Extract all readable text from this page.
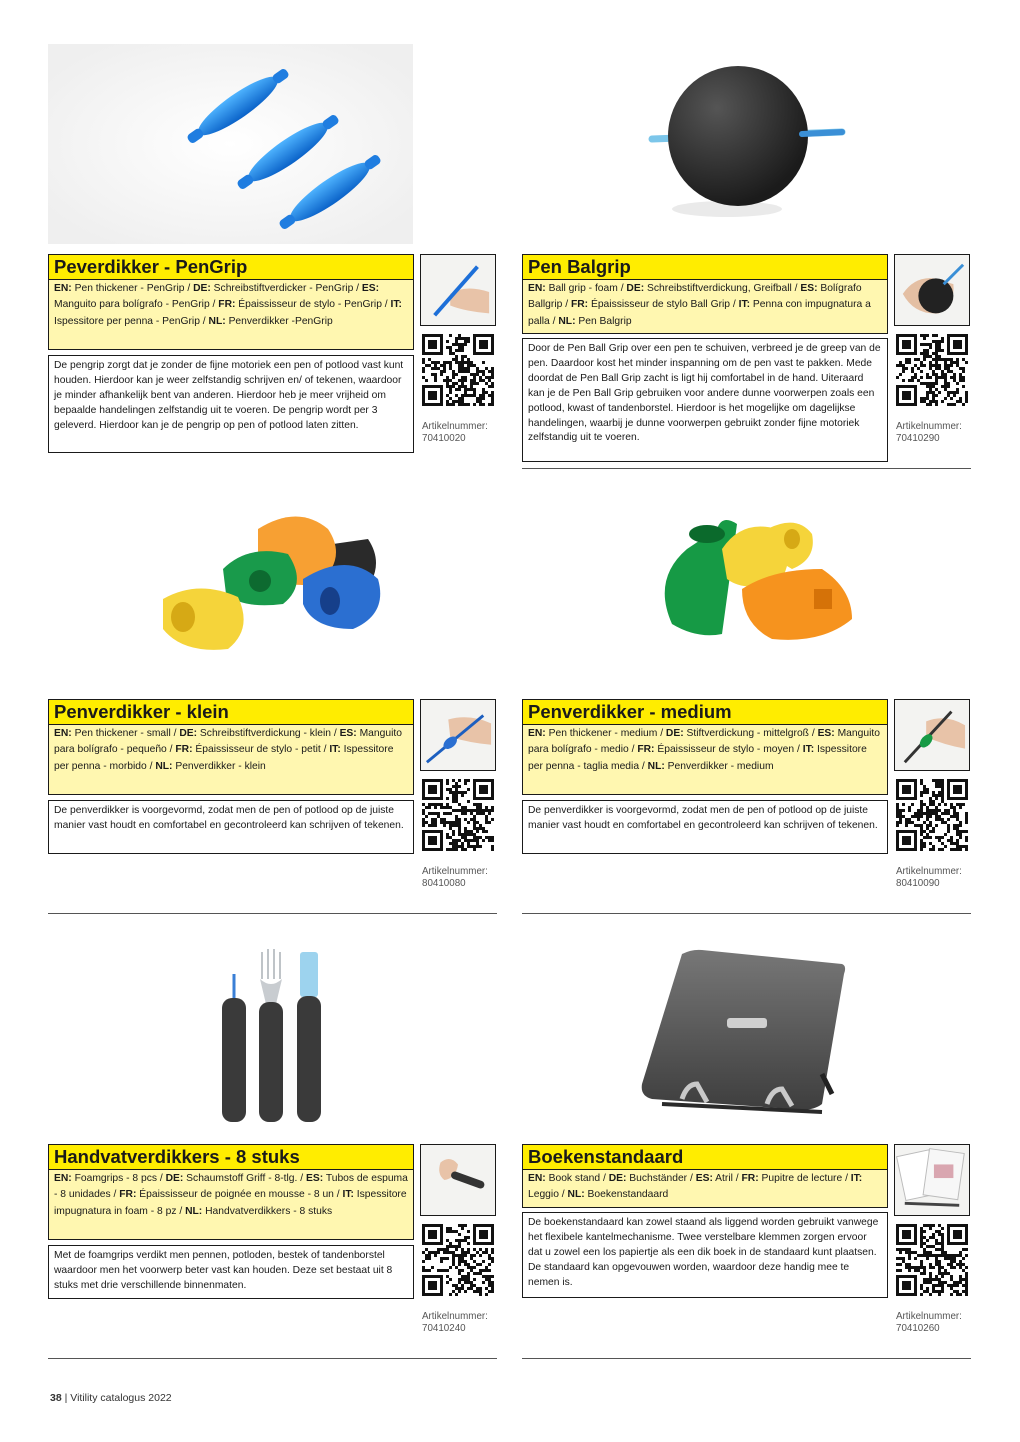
Peverdikker - PenGrip
EN: Pen thickener - PenGrip / DE: Schreibstiftverdicker - PenGrip / ES: Manguito para bolígrafo - PenGrip / FR: Épaississeur de stylo - PenGrip / IT: Ispessitore per penna - PenGrip / NL: Penverdikker -PenGrip
De pengrip zorgt dat je zonder de fijne motoriek een pen of potlood vast kunt houden. Hierdoor kan je weer zelfstandig schrijven en/ of tekenen, waardoor je minder afhankelijk bent van anderen. Hierdoor heb je meer vrijheid om bepaalde handelingen zelfstandig uit te voeren. De pengrip wordt per 3 geleverd. Hierdoor kan je de pengrip op pen of potlood laten zitten.	Artikelnummer:
70410020
Pen Balgrip
EN: Ball grip - foam / DE: Schreibstiftverdickung, Greifball / ES: Bolígrafo Ballgrip / FR: Épaississeur de stylo Ball Grip / IT: Penna con impugnatura a palla / NL: Pen Balgrip
Door de Pen Ball Grip over een pen te schuiven, verbreed je de greep van de pen. Daardoor kost het minder inspanning om de pen vast te pakken. Mede doordat de Pen Ball Grip zacht is ligt hij comfortabel in de hand. Uiteraard kan je de Pen Ball Grip gebruiken voor andere dunne voorwerpen zoals een potlood, kwast of tandenborstel. Hierdoor is het mogelijke om dagelijkse handelingen, waarbij je dunne voorwerpen gebruikt zonder fijne motoriek zelfstandig uit te voeren.
Artikelnummer:
70410290
Penverdikker - klein
EN: Pen thickener - small / DE: Schreibstiftverdickung - klein / ES: Manguito para bolígrafo - pequeño / FR: Épaississeur de stylo - petit / IT: Ispessitore per penna - morbido / NL: Penverdikker - klein
De penverdikker is voorgevormd, zodat men de pen of potlood op de juiste manier vast houdt en comfortabel en gecontroleerd kan schrijven of tekenen.
Artikelnummer:
80410080
Penverdikker - medium
EN: Pen thickener - medium / DE: Stiftverdickung - mittelgroß / ES: Manguito para bolígrafo - medio / FR: Épaississeur de stylo - moyen / IT: Ispessitore per penna - taglia media / NL: Penverdikker - medium
De penverdikker is voorgevormd, zodat men de pen of potlood op de juiste manier vast houdt en comfortabel en gecontroleerd kan schrijven of tekenen.
Artikelnummer:
80410090
Handvatverdikkers - 8 stuks
EN: Foamgrips - 8 pcs / DE: Schaumstoff Griff - 8-tlg. / ES: Tubos de espuma - 8 unidades / FR: Épaississeur de poignée en mousse - 8 un / IT: Ispessitore impugnatura in foam - 8 pz / NL: Handvatverdikkers - 8 stuks
Met de foamgrips verdikt men pennen, potloden, bestek of tandenborstel waardoor men het voorwerp beter vast kan houden. Deze set bestaat uit 8 stuks met drie verschillende binnenmaten.
Artikelnummer:
70410240
Boekenstandaard
EN: Book stand / DE: Buchständer / ES: Atril / FR: Pupitre de lecture / IT: Leggio / NL: Boekenstandaard
De boekenstandaard kan zowel staand als liggend worden gebruikt vanwege het flexibele kantelmechanisme. Twee verstelbare klemmen zorgen ervoor dat u zowel een los papiertje als een dik boek in de standaard kunt plaatsen. De standaard kan opgevouwen worden, waardoor deze handig mee te nemen is.
Artikelnummer:
70410260
38 | Vitility catalogus 2022
